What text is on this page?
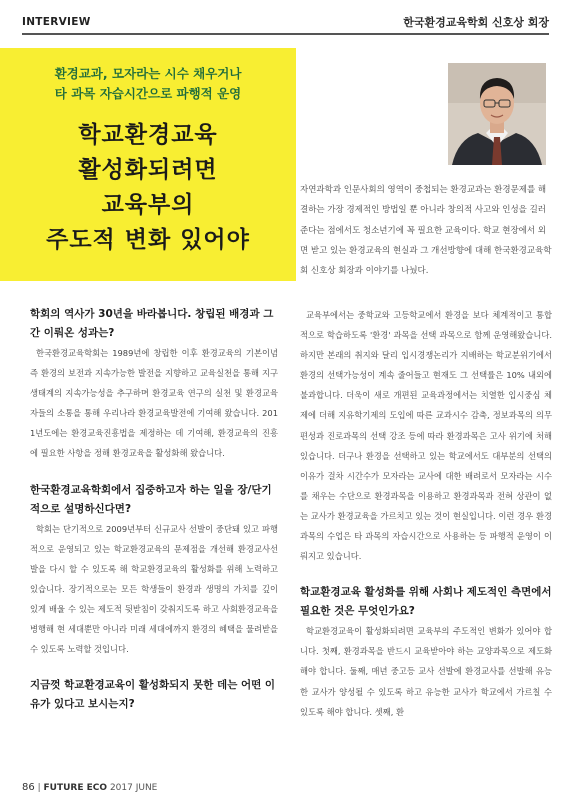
INTERVIEW	한국환경교육학회 신호상 회장
환경교과, 모자라는 시수 채우거나
타 과목 자습시간으로 파행적 운영
학교환경교육
활성화되려면
교육부의
주도적 변화 있어야
자연과학과 인문사회의 영역이 중첩되는 환경교과는 환경문제를 해결하는 가장 경제적인 방법일 뿐 아니라 창의적 사고와 인성을 길러준다는 점에서도 청소년기에 꼭 필요한 교육이다. 학교 현장에서 외면 받고 있는 환경교육의 현실과 그 개선방향에 대해 한국환경교육학회 신호상 회장과 이야기를 나눴다.
학회의 역사가 30년을 바라봅니다. 창립된 배경과 그간 이뤄온 성과는?
한국환경교육학회는 1989년에 창립한 이후 환경교육의 기본이념 즉 환경의 보전과 지속가능한 발전을 지향하고 교육실천을 통해 지구생태계의 지속가능성을 추구하며 환경교육 연구의 실천 및 환경교육자들의 소통을 통해 우리나라 환경교육발전에 기여해 왔습니다. 2011년도에는 환경교육진흥법을 제정하는 데 기여해, 환경교육의 진흥에 필요한 사항을 정해 환경교육을 활성화해 왔습니다.
한국환경교육학회에서 집중하고자 하는 일을 장/단기적으로 설명하신다면?
학회는 단기적으로 2009년부터 신규교사 선발이 중단돼 있고 파행적으로 운영되고 있는 학교환경교육의 문제점을 개선해 환경교사선발을 다시 할 수 있도록 해 학교환경교육의 활성화를 위해 노력하고 있습니다. 장기적으로는 모든 학생들이 환경과 생명의 가치를 깊이 있게 배울 수 있는 제도적 뒷받침이 갖춰지도록 하고 사회환경교육을 병행해 현 세대뿐만 아니라 미래 세대에까지 환경의 혜택을 물려받을 수 있도록 노력할 것입니다.
지금껏 학교환경교육이 활성화되지 못한 데는 어떤 이유가 있다고 보시는지?
교육부에서는 중학교와 고등학교에서 환경을 보다 체계적이고 통합적으로 학습하도록 '환경' 과목을 선택 과목으로 함께 운영해왔습니다. 하지만 본래의 취지와 달리 입시경쟁논리가 지배하는 학교분위기에서 환경의 선택가능성이 계속 줄어들고 현재도 그 선택률은 10% 내외에 불과합니다. 더욱이 새로 개편된 교육과정에서는 치열한 입시중심 체제에 더해 지유학기제의 도입에 따른 교과시수 감축, 정보과목의 의무 편성과 진로과목의 선택 강조 등에 따라 환경과목은 고사 위기에 처해 있습니다. 더구나 환경을 선택하고 있는 학교에서도 대부분의 선택의 이유가 걸차 시간수가 모자라는 교사에 대한 배려로서 모자라는 시수를 채우는 수단으로 환경과목을 이용하고 환경과목과 전혀 상관이 없는 교사가 환경교육을 가르치고 있는 것이 현실입니다. 이런 경우 환경과목의 수업은 타 과목의 자습시간으로 사용하는 등 파행적 운영이 이뤄지고 있습니다.
학교환경교육 활성화를 위해 사회나 제도적인 측면에서 필요한 것은 무엇인가요?
학교환경교육이 활성화되려면 교육부의 주도적인 변화가 있어야 합니다. 첫째, 환경과목을 반드시 교육받아야 하는 교양과목으로 제도화해야 합니다. 둘째, 매년 중고등 교사 선발에 환경교사를 선발해 유능한 교사가 양성될 수 있도록 하고 유능한 교사가 학교에서 가르칠 수 있도록 해야 합니다. 셋째, 환
86 | FUTURE ECO 2017 JUNE
